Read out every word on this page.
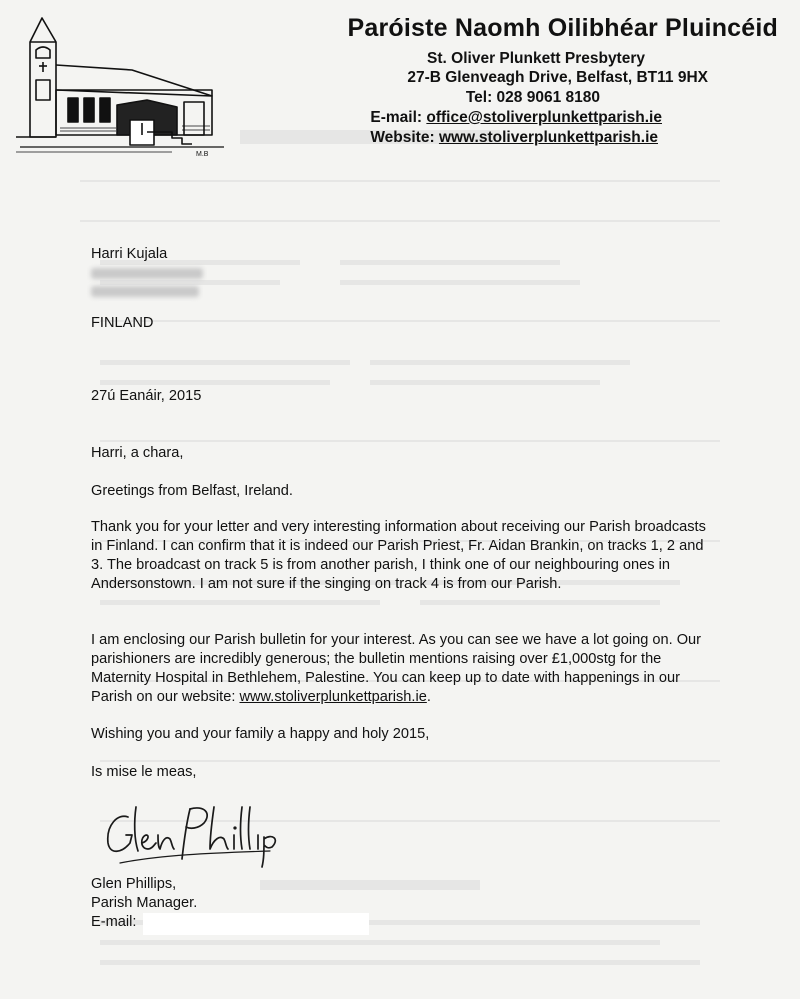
M.B
Paróiste Naomh Oilibhéar Pluincéid
St. Oliver Plunkett Presbytery
27-B Glenveagh Drive, Belfast, BT11 9HX
Tel: 028 9061 8180
E-mail: office@stoliverplunkettparish.ie
Website: www.stoliverplunkettparish.ie
Harri Kujala
FINLAND
27ú Eanáir, 2015
Harri, a chara,
Greetings from Belfast, Ireland.
Thank you for your letter and very interesting information about receiving our Parish broadcasts in Finland. I can confirm that it is indeed our Parish Priest, Fr. Aidan Brankin, on tracks 1, 2 and 3. The broadcast on track 5 is from another parish, I think one of our neighbouring ones in Andersonstown. I am not sure if the singing on track 4 is from our Parish.
I am enclosing our Parish bulletin for your interest. As you can see we have a lot going on. Our parishioners are incredibly generous; the bulletin mentions raising over £1,000stg for the Maternity Hospital in Bethlehem, Palestine. You can keep up to date with happenings in our Parish on our website: www.stoliverplunkettparish.ie.
Wishing you and your family a happy and holy 2015,
Is mise le meas,
Glen Phillips,
Parish Manager.
E-mail:
